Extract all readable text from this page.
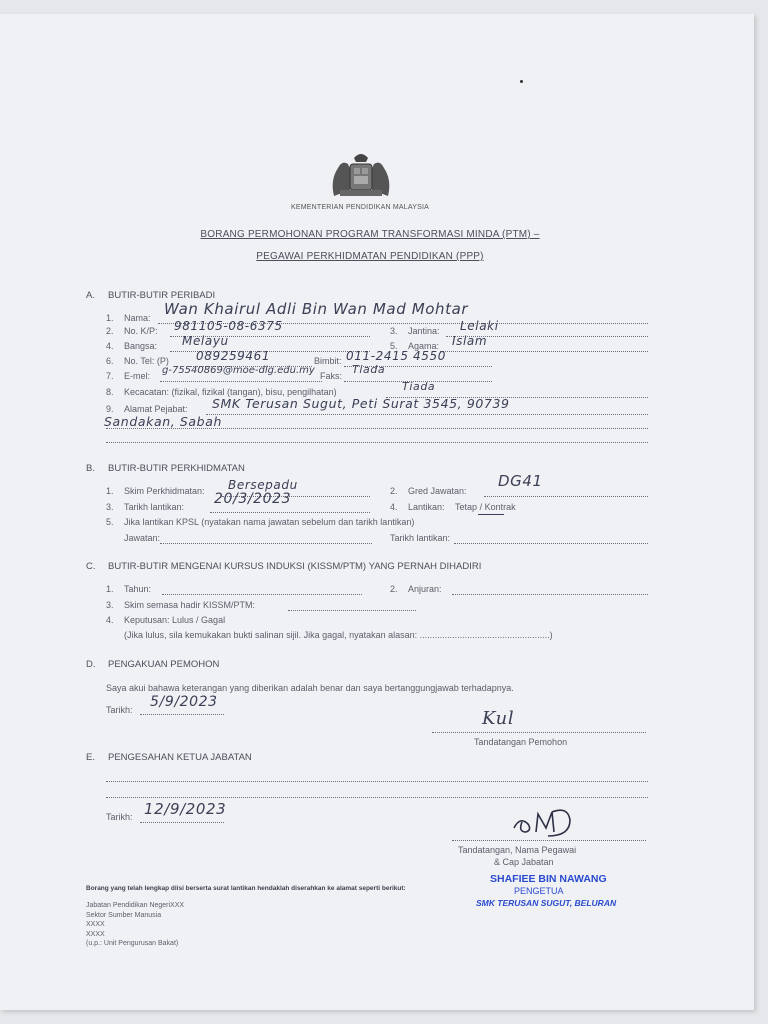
KEMENTERIAN PENDIDIKAN MALAYSIA
BORANG PERMOHONAN PROGRAM TRANSFORMASI MINDA (PTM) –
PEGAWAI PERKHIDMATAN PENDIDIKAN (PPP)
A. BUTIR-BUTIR PERIBADI
1. Nama: Wan Khairul Adli Bin Wan Mad Mohtar
2. No. K/P: 981105-08-6375	3. Jantina: Lelaki
4. Bangsa: Melayu	5. Agama: Islam
6. No. Tel: (P) 089259461	Bimbit: 011-2415 4550
7. E-mel: g-75540869@moe-dlg.edu.my Faks: Tiada
8. Kecacatan: (fizikal, fizikal (tangan), bisu, pengilhatan)	Tiada
9. Alamat Pejabat: SMK Terusan Sugut, Peti Surat 3545, 90739
Sandakan, Sabah
B. BUTIR-BUTIR PERKHIDMATAN
1. Skim Perkhidmatan: Bersepadu	2. Gred Jawatan:
DG41
3. Tarikh lantikan: 20/3/2023	4. Lantikan: Tetap / Kontrak
5. Jika lantikan KPSL (nyatakan nama jawatan sebelum dan tarikh lantikan)
Jawatan:	Tarikh lantikan:
C. BUTIR-BUTIR MENGENAI KURSUS INDUKSI (KISSM/PTM) YANG PERNAH DIHADIRI
1. Tahun:	2. Anjuran:
3. Skim semasa hadir KISSM/PTM:
4. Keputusan: Lulus / Gagal
(Jika lulus, sila kemukakan bukti salinan sijil. Jika gagal, nyatakan alasan: ....................................................)
D. PENGAKUAN PEMOHON
Saya akui bahawa keterangan yang diberikan adalah benar dan saya bertanggungjawab terhadapnya.
Tarikh: 5/9/2023
Kul
Tandatangan Pemohon
E. PENGESAHAN KETUA JABATAN
Tarikh: 12/9/2023
Tandatangan, Nama Pegawai
& Cap Jabatan
SHAFIEE BIN NAWANG
PENGETUA
SMK TERUSAN SUGUT, BELURAN
Borang yang telah lengkap diisi berserta surat lantikan hendaklah diserahkan ke alamat seperti berikut:
Jabatan Pendidikan NegeriXXX
Sektor Sumber Manusia
XXXX
XXXX
(u.p.: Unit Pengurusan Bakat)
